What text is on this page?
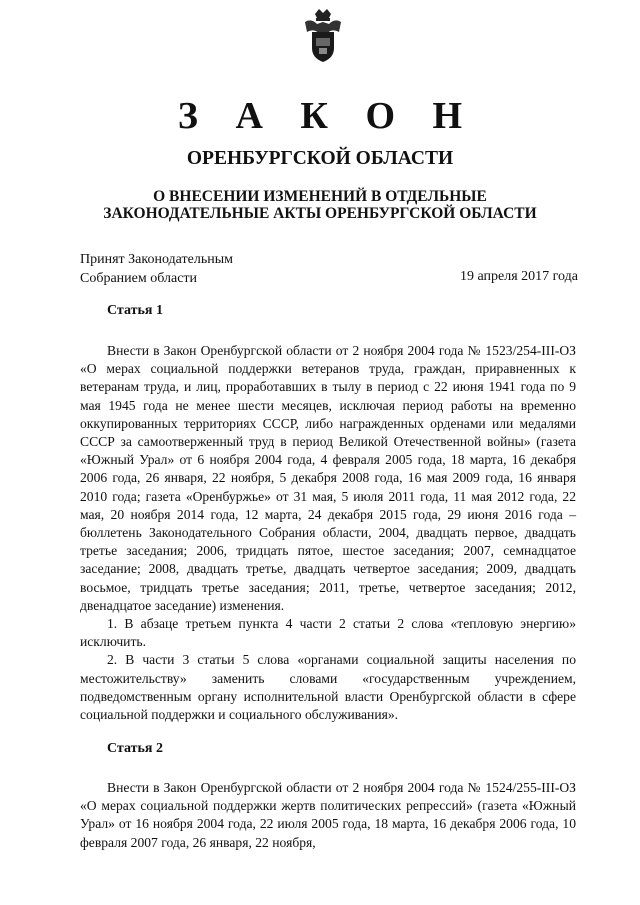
З А К О Н
ОРЕНБУРГСКОЙ ОБЛАСТИ
О ВНЕСЕНИИ ИЗМЕНЕНИЙ В ОТДЕЛЬНЫЕ
ЗАКОНОДАТЕЛЬНЫЕ АКТЫ ОРЕНБУРГСКОЙ ОБЛАСТИ
Принят Законодательным
Собранием области	19 апреля 2017 года
Статья 1

Внести в Закон Оренбургской области от 2 ноября 2004 года № 1523/254-III-ОЗ «О мерах социальной поддержки ветеранов труда, граждан, приравненных к ветеранам труда, и лиц, проработавших в тылу в период с 22 июня 1941 года по 9 мая 1945 года не менее шести месяцев, исключая период работы на временно оккупированных территориях СССР, либо награжденных орденами или медалями СССР за самоотверженный труд в период Великой Отечественной войны» (газета «Южный Урал» от 6 ноября 2004 года, 4 февраля 2005 года, 18 марта, 16 декабря 2006 года, 26 января, 22 ноября, 5 декабря 2008 года, 16 мая 2009 года, 16 января 2010 года; газета «Оренбуржье» от 31 мая, 5 июля 2011 года, 11 мая 2012 года, 22 мая, 20 ноября 2014 года, 12 марта, 24 декабря 2015 года, 29 июня 2016 года – бюллетень Законодательного Собрания области, 2004, двадцать первое, двадцать третье заседания; 2006, тридцать пятое, шестое заседания; 2007, семнадцатое заседание; 2008, двадцать третье, двадцать четвертое заседания; 2009, двадцать восьмое, тридцать третье заседания; 2011, третье, четвертое заседания; 2012, двенадцатое заседание) изменения.

1. В абзаце третьем пункта 4 части 2 статьи 2 слова «тепловую энергию» исключить.

2. В части 3 статьи 5 слова «органами социальной защиты населения по местожительству» заменить словами «государственным учреждением, подведомственным органу исполнительной власти Оренбургской области в сфере социальной поддержки и социального обслуживания».

Статья 2

Внести в Закон Оренбургской области от 2 ноября 2004 года № 1524/255-III-ОЗ «О мерах социальной поддержки жертв политических репрессий» (газета «Южный Урал» от 16 ноября 2004 года, 22 июля 2005 года, 18 марта, 16 декабря 2006 года, 10 февраля 2007 года, 26 января, 22 ноября,
